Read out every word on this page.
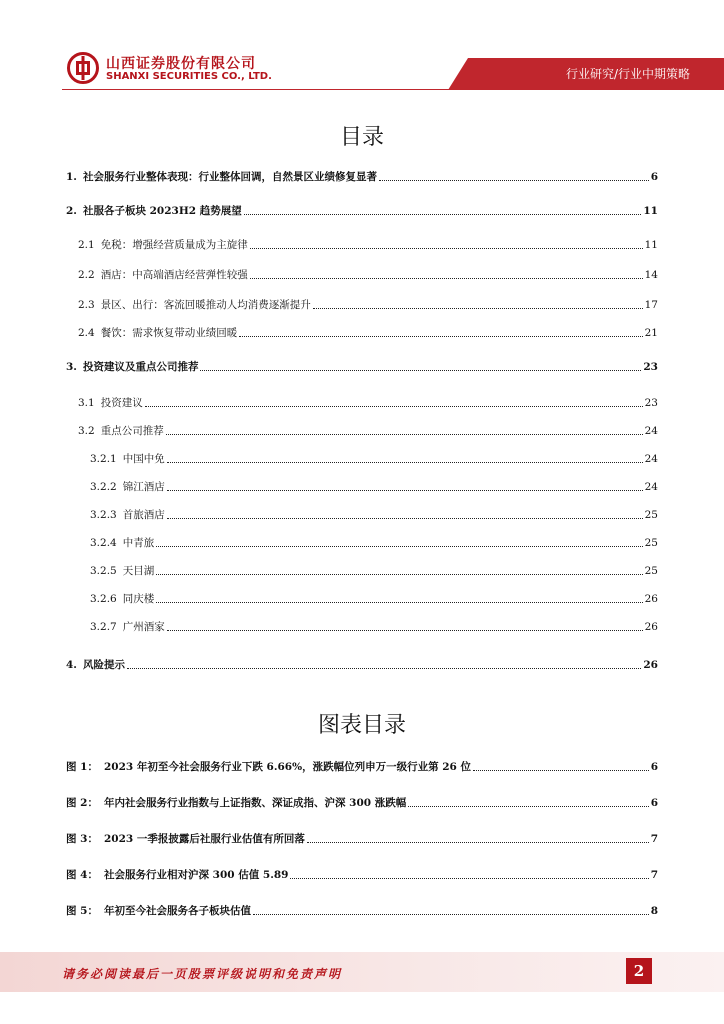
山西证券股份有限公司
SHANXI SECURITIES CO., LTD.	行业研究/行业中期策略
目录
1. 社会服务行业整体表现：行业整体回调，自然景区业绩修复显著	6
2. 社服各子板块 2023H2 趋势展望	11
2.1 免税：增强经营质量成为主旋律	11
2.2 酒店：中高端酒店经营弹性较强	14
2.3 景区、出行：客流回暖推动人均消费逐渐提升	17
2.4 餐饮：需求恢复带动业绩回暖	21
3. 投资建议及重点公司推荐	23
3.1 投资建议	23
3.2 重点公司推荐	24
3.2.1 中国中免	24
3.2.2 锦江酒店	24
3.2.3 首旅酒店	25
3.2.4 中青旅	25
3.2.5 天目湖	25
3.2.6 同庆楼	26
3.2.7 广州酒家	26
4. 风险提示	26
图表目录
图 1： 2023 年初至今社会服务行业下跌 6.66%，涨跌幅位列申万一级行业第 26 位	6
图 2： 年内社会服务行业指数与上证指数、深证成指、沪深 300 涨跌幅	6
图 3： 2023 一季报披露后社服行业估值有所回落	7
图 4： 社会服务行业相对沪深 300 估值 5.89	7
图 5： 年初至今社会服务各子板块估值	8
请务必阅读最后一页股票评级说明和免责声明	2
